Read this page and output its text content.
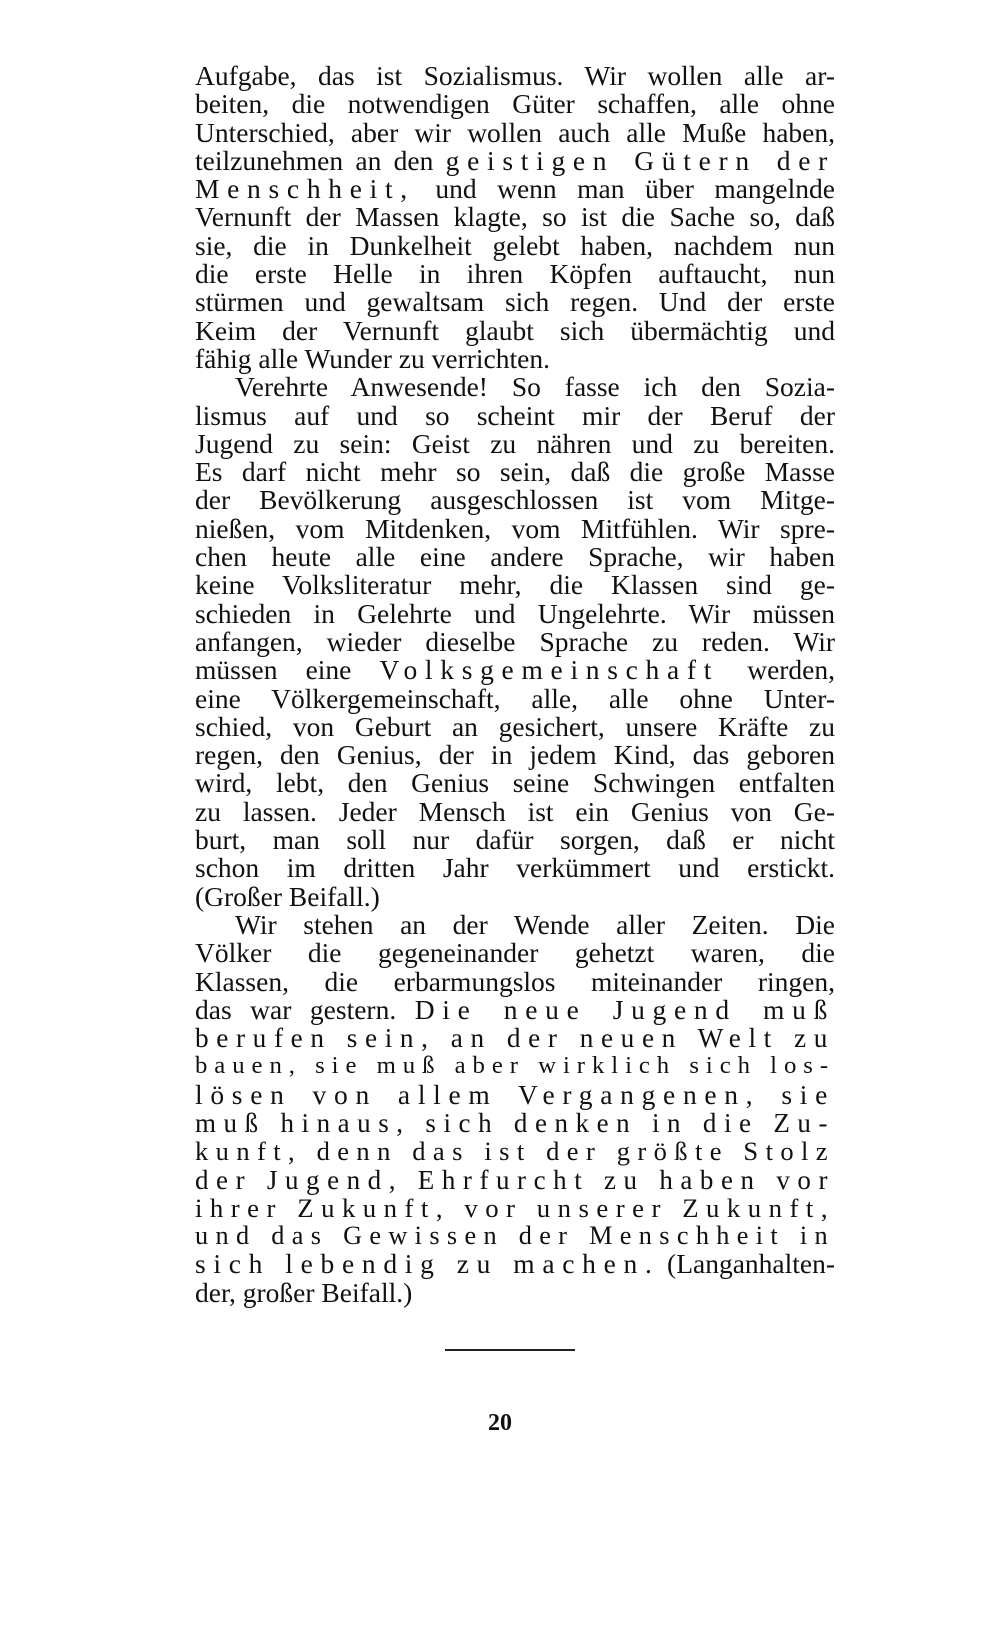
Aufgabe, das ist Sozialismus. Wir wollen alle ar-
beiten, die notwendigen Güter schaffen, alle ohne
Unterschied, aber wir wollen auch alle Muße haben,
teilzunehmen an den geistigen Gütern der
Menschheit, und wenn man über mangelnde
Vernunft der Massen klagte, so ist die Sache so, daß
sie, die in Dunkelheit gelebt haben, nachdem nun
die erste Helle in ihren Köpfen auftaucht, nun
stürmen und gewaltsam sich regen. Und der erste
Keim der Vernunft glaubt sich übermächtig und
fähig alle Wunder zu verrichten.
Verehrte Anwesende! So fasse ich den Sozia-
lismus auf und so scheint mir der Beruf der
Jugend zu sein: Geist zu nähren und zu bereiten.
Es darf nicht mehr so sein, daß die große Masse
der Bevölkerung ausgeschlossen ist vom Mitge-
nießen, vom Mitdenken, vom Mitfühlen. Wir spre-
chen heute alle eine andere Sprache, wir haben
keine Volksliteratur mehr, die Klassen sind ge-
schieden in Gelehrte und Ungelehrte. Wir müssen
anfangen, wieder dieselbe Sprache zu reden. Wir
müssen eine Volksgemeinschaft werden,
eine Völkergemeinschaft, alle, alle ohne Unter-
schied, von Geburt an gesichert, unsere Kräfte zu
regen, den Genius, der in jedem Kind, das geboren
wird, lebt, den Genius seine Schwingen entfalten
zu lassen. Jeder Mensch ist ein Genius von Ge-
burt, man soll nur dafür sorgen, daß er nicht
schon im dritten Jahr verkümmert und erstickt.
(Großer Beifall.)
Wir stehen an der Wende aller Zeiten. Die
Völker die gegeneinander gehetzt waren, die
Klassen, die erbarmungslos miteinander ringen,
das war gestern. Die neue Jugend muß
berufen sein, an der neuen Welt zu
bauen, sie muß aber wirklich sich los-
lösen von allem Vergangenen, sie
muß hinaus, sich denken in die Zu-
kunft, denn das ist der größte Stolz
der Jugend, Ehrfurcht zu haben vor
ihrer Zukunft, vor unserer Zukunft,
und das Gewissen der Menschheit in
sich lebendig zu machen. (Langanhalten-
der, großer Beifall.)
20
